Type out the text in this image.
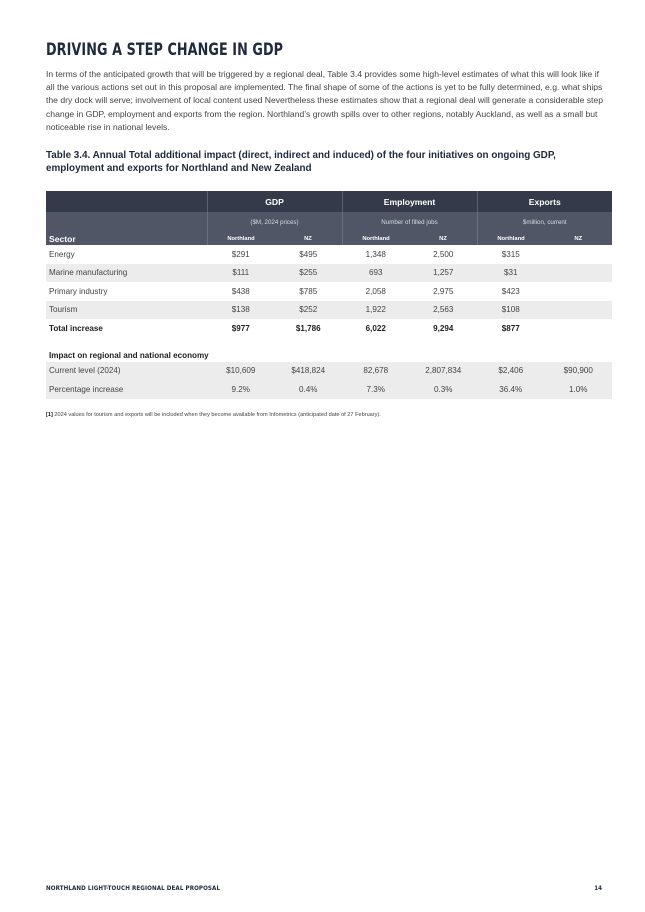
DRIVING A STEP CHANGE IN GDP

In terms of the anticipated growth that will be triggered by a regional deal, Table 3.4 provides some high-level estimates of what this will look like if all the various actions set out in this proposal are implemented. The final shape of some of the actions is yet to be fully determined, e.g. what ships the dry dock will serve; involvement of local content used Nevertheless these estimates show that a regional deal will generate a considerable step change in GDP, employment and exports from the region. Northland’s growth spills over to other regions, notably Auckland, as well as a small but noticeable rise in national levels.

Table 3.4. Annual Total additional impact (direct, indirect and induced) of the four initiatives on ongoing GDP, employment and exports for Northland and New Zealand

	GDP		Employment		Exports	
	($M, 2024 prices)		Number of filled jobs		$million, current	
Sector	Northland	NZ	Northland	NZ	Northland	NZ
Energy	$291	$495	1,348	2,500	$315	
Marine manufacturing	$111	$255	693	1,257	$31	
Primary industry	$438	$785	2,058	2,975	$423	
Tourism	$138	$252	1,922	2,563	$108	
Total increase	$977	$1,786	6,022	9,294	$877	
Impact on regional and national economy						
Current level (2024)	$10,609	$418,824	82,678	2,807,834	$2,406	$90,900
Percentage increase	9.2%	0.4%	7.3%	0.3%	36.4%	1.0%
[1] 2024 values for tourism and exports will be included when they become available from Infometrics (anticipated date of 27 February).
NORTHLAND LIGHT-TOUCH REGIONAL DEAL PROPOSAL	14
